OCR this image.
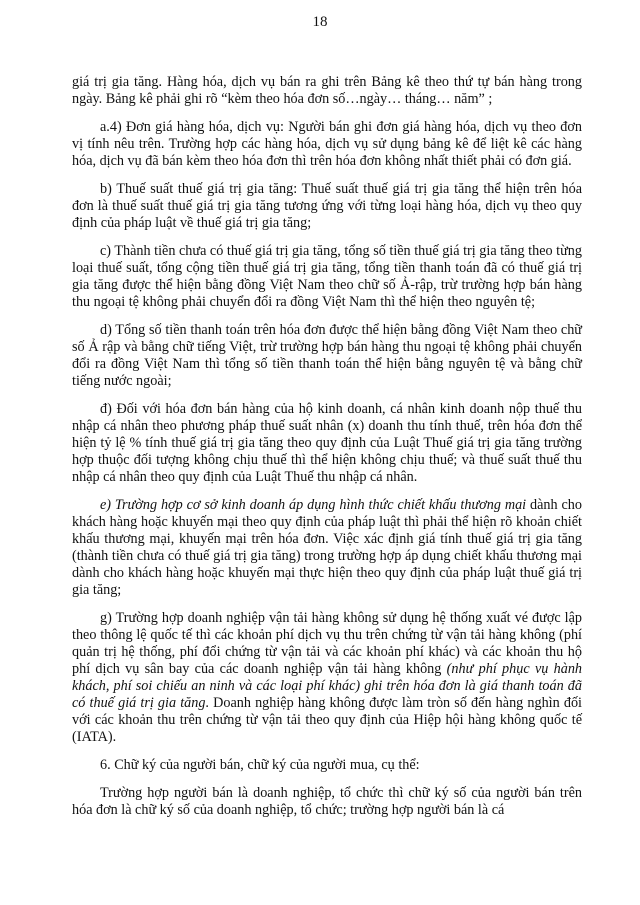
18

giá trị gia tăng. Hàng hóa, dịch vụ bán ra ghi trên Bảng kê theo thứ tự bán hàng trong ngày. Bảng kê phải ghi rõ “kèm theo hóa đơn số…ngày… tháng… năm” ;

a.4) Đơn giá hàng hóa, dịch vụ: Người bán ghi đơn giá hàng hóa, dịch vụ theo đơn vị tính nêu trên. Trường hợp các hàng hóa, dịch vụ sử dụng bảng kê để liệt kê các hàng hóa, dịch vụ đã bán kèm theo hóa đơn thì trên hóa đơn không nhất thiết phải có đơn giá.

b) Thuế suất thuế giá trị gia tăng: Thuế suất thuế giá trị gia tăng thể hiện trên hóa đơn là thuế suất thuế giá trị gia tăng tương ứng với từng loại hàng hóa, dịch vụ theo quy định của pháp luật về thuế giá trị gia tăng;

c) Thành tiền chưa có thuế giá trị gia tăng, tổng số tiền thuế giá trị gia tăng theo từng loại thuế suất, tổng cộng tiền thuế giá trị gia tăng, tổng tiền thanh toán đã có thuế giá trị gia tăng được thể hiện bằng đồng Việt Nam theo chữ số Ả-rập, trừ trường hợp bán hàng thu ngoại tệ không phải chuyển đổi ra đồng Việt Nam thì thể hiện theo nguyên tệ;

d) Tổng số tiền thanh toán trên hóa đơn được thể hiện bằng đồng Việt Nam theo chữ số Ả rập và bằng chữ tiếng Việt, trừ trường hợp bán hàng thu ngoại tệ không phải chuyển đổi ra đồng Việt Nam thì tổng số tiền thanh toán thể hiện bằng nguyên tệ và bằng chữ tiếng nước ngoài;

đ) Đối với hóa đơn bán hàng của hộ kinh doanh, cá nhân kinh doanh nộp thuế thu nhập cá nhân theo phương pháp thuế suất nhân (x) doanh thu tính thuế, trên hóa đơn thể hiện tỷ lệ % tính thuế giá trị gia tăng theo quy định của Luật Thuế giá trị gia tăng trường hợp thuộc đối tượng không chịu thuế thì thể hiện không chịu thuế; và thuế suất thuế thu nhập cá nhân theo quy định của Luật Thuế thu nhập cá nhân.

e) Trường hợp cơ sở kinh doanh áp dụng hình thức chiết khấu thương mại dành cho khách hàng hoặc khuyến mại theo quy định của pháp luật thì phải thể hiện rõ khoản chiết khấu thương mại, khuyến mại trên hóa đơn. Việc xác định giá tính thuế giá trị gia tăng (thành tiền chưa có thuế giá trị gia tăng) trong trường hợp áp dụng chiết khấu thương mại dành cho khách hàng hoặc khuyến mại thực hiện theo quy định của pháp luật thuế giá trị gia tăng;

g) Trường hợp doanh nghiệp vận tải hàng không sử dụng hệ thống xuất vé được lập theo thông lệ quốc tế thì các khoản phí dịch vụ thu trên chứng từ vận tải hàng không (phí quản trị hệ thống, phí đổi chứng từ vận tải và các khoản phí khác) và các khoản thu hộ phí dịch vụ sân bay của các doanh nghiệp vận tải hàng không (như phí phục vụ hành khách, phí soi chiếu an ninh và các loại phí khác) ghi trên hóa đơn là giá thanh toán đã có thuế giá trị gia tăng. Doanh nghiệp hàng không được làm tròn số đến hàng nghìn đối với các khoản thu trên chứng từ vận tải theo quy định của Hiệp hội hàng không quốc tế (IATA).

6. Chữ ký của người bán, chữ ký của người mua, cụ thể:

Trường hợp người bán là doanh nghiệp, tổ chức thì chữ ký số của người bán trên hóa đơn là chữ ký số của doanh nghiệp, tổ chức; trường hợp người bán là cá
